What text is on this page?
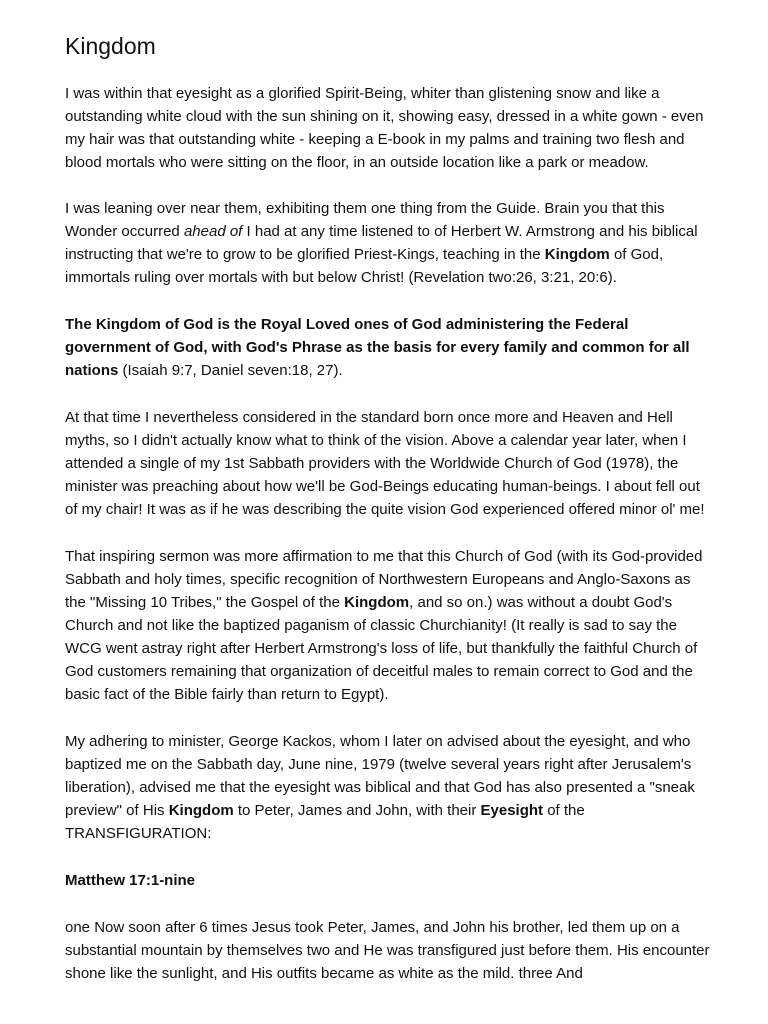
Kingdom

I was within that eyesight as a glorified Spirit-Being, whiter than glistening snow and like a outstanding white cloud with the sun shining on it, showing easy, dressed in a white gown - even my hair was that outstanding white - keeping a E-book in my palms and training two flesh and blood mortals who were sitting on the floor, in an outside location like a park or meadow.

I was leaning over near them, exhibiting them one thing from the Guide. Brain you that this Wonder occurred ahead of I had at any time listened to of Herbert W. Armstrong and his biblical instructing that we're to grow to be glorified Priest-Kings, teaching in the Kingdom of God, immortals ruling over mortals with but below Christ! (Revelation two:26, 3:21, 20:6).

The Kingdom of God is the Royal Loved ones of God administering the Federal government of God, with God's Phrase as the basis for every family and common for all nations (Isaiah 9:7, Daniel seven:18, 27).

At that time I nevertheless considered in the standard born once more and Heaven and Hell myths, so I didn't actually know what to think of the vision. Above a calendar year later, when I attended a single of my 1st Sabbath providers with the Worldwide Church of God (1978), the minister was preaching about how we'll be God-Beings educating human-beings. I about fell out of my chair! It was as if he was describing the quite vision God experienced offered minor ol' me!

That inspiring sermon was more affirmation to me that this Church of God (with its God-provided Sabbath and holy times, specific recognition of Northwestern Europeans and Anglo-Saxons as the "Missing 10 Tribes," the Gospel of the Kingdom, and so on.) was without a doubt God's Church and not like the baptized paganism of classic Churchianity! (It really is sad to say the WCG went astray right after Herbert Armstrong's loss of life, but thankfully the faithful Church of God customers remaining that organization of deceitful males to remain correct to God and the basic fact of the Bible fairly than return to Egypt).

My adhering to minister, George Kackos, whom I later on advised about the eyesight, and who baptized me on the Sabbath day, June nine, 1979 (twelve several years right after Jerusalem's liberation), advised me that the eyesight was biblical and that God has also presented a "sneak preview" of His Kingdom to Peter, James and John, with their Eyesight of the TRANSFIGURATION:

Matthew 17:1-nine

one Now soon after 6 times Jesus took Peter, James, and John his brother, led them up on a substantial mountain by themselves two and He was transfigured just before them. His encounter shone like the sunlight, and His outfits became as white as the mild. three And
